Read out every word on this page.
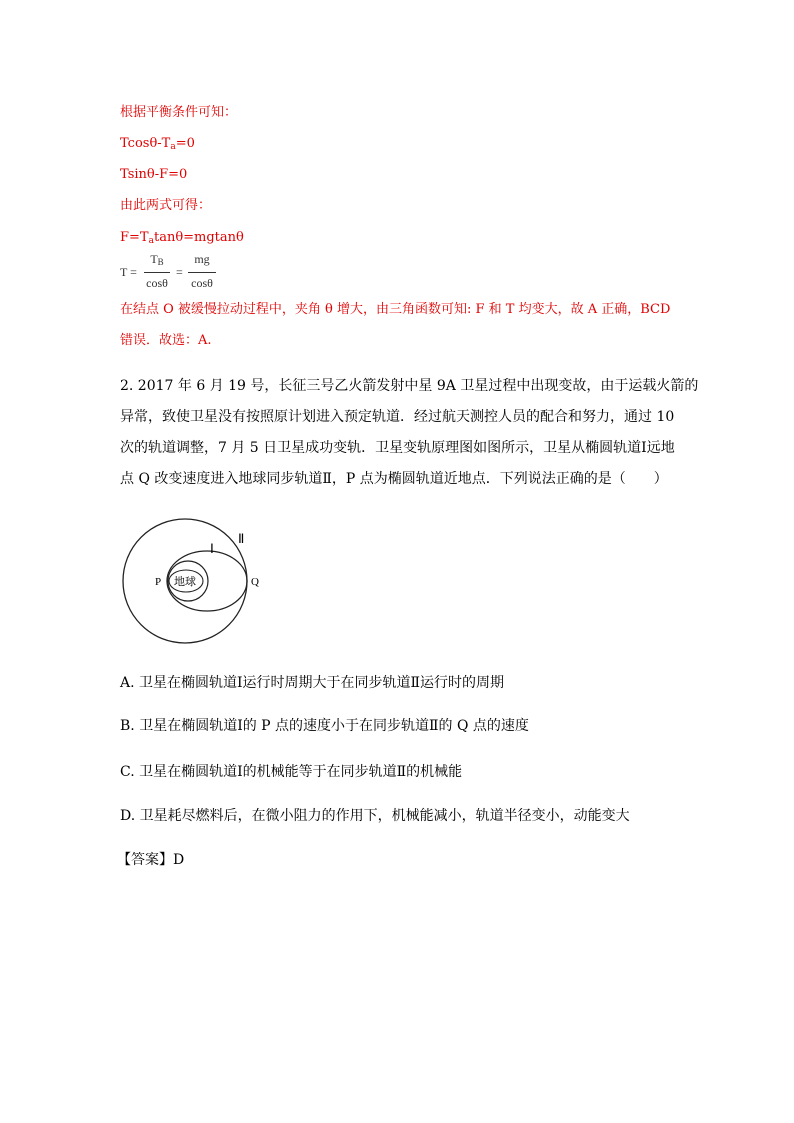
根据平衡条件可知：
Tcosθ-$T_a=0$
Tsinθ-F=0
由此两式可得：
$F=T_a\tan\theta=mgtan\theta$
T =
$T_B$
cosθ
=
mg
cosθ
在结点 O 被缓慢拉动过程中，夹角 θ 增大，由三角函数可知: F 和 T 均变大，故 A 正确，BCD
错误．故选：A.
2. 2017 年 6 月 19 号，长征三号乙火箭发射中星 9A 卫星过程中出现变故，由于运载火箭的
异常，致使卫星没有按照原计划进入预定轨道．经过航天测控人员的配合和努力，通过 10
次的轨道调整，7 月 5 日卫星成功变轨．卫星变轨原理图如图所示，卫星从椭圆轨道Ⅰ远地
点 Q 改变速度进入地球同步轨道Ⅱ，P 点为椭圆轨道近地点．下列说法正确的是（　　）
地球
Ⅰ
Ⅱ
P	Q
A. 卫星在椭圆轨道Ⅰ运行时周期大于在同步轨道Ⅱ运行时的周期
B. 卫星在椭圆轨道Ⅰ的 P 点的速度小于在同步轨道Ⅱ的 Q 点的速度
C. 卫星在椭圆轨道Ⅰ的机械能等于在同步轨道Ⅱ的机械能
D. 卫星耗尽燃料后，在微小阻力的作用下，机械能减小，轨道半径变小，动能变大
【答案】D
